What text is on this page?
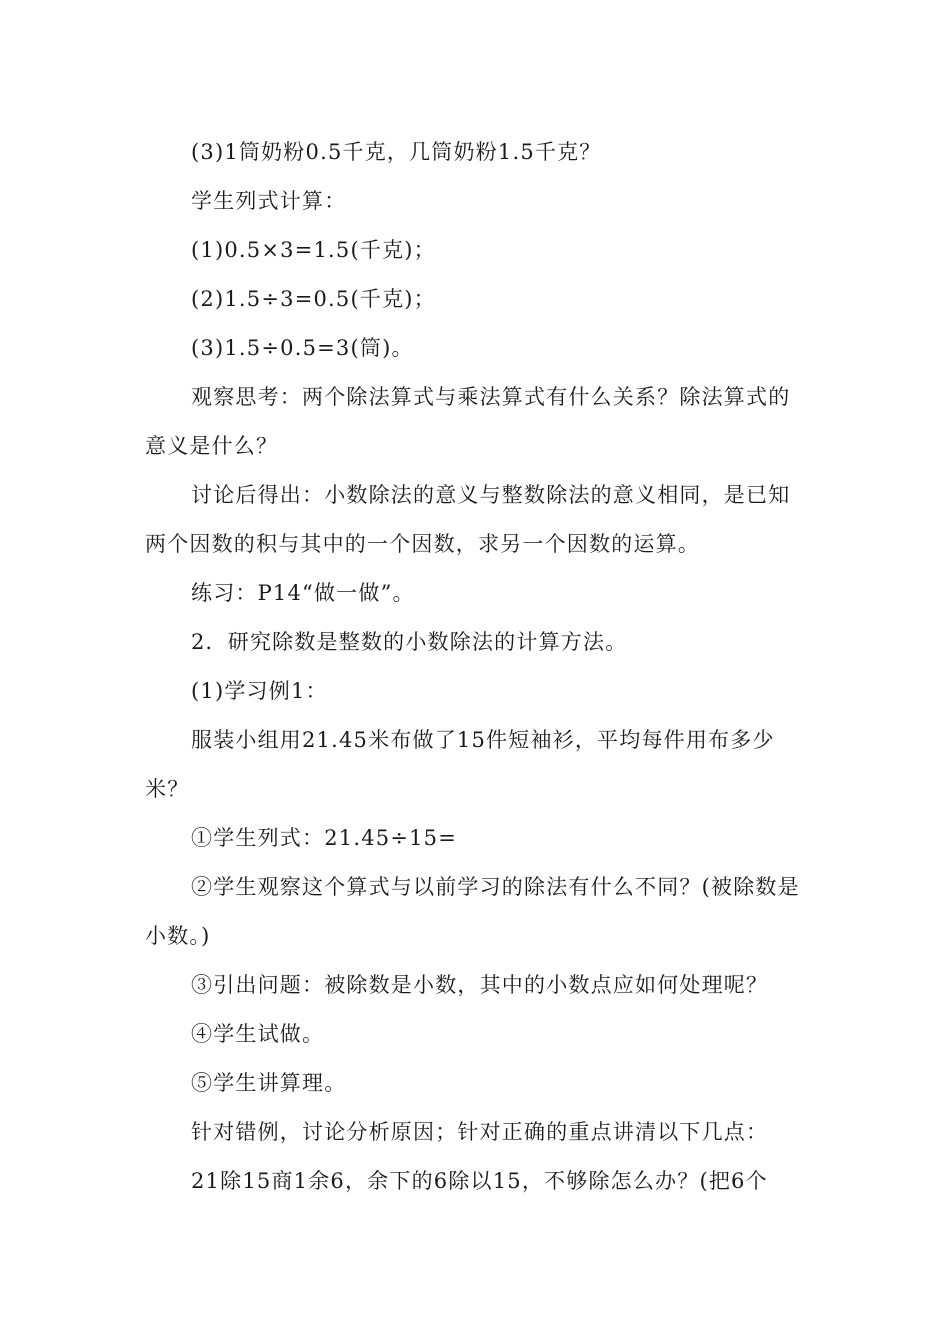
(3)1筒奶粉0.5千克，几筒奶粉1.5千克？

学生列式计算：

(1)0.5×3=1.5(千克)；

(2)1.5÷3=0.5(千克)；

(3)1.5÷0.5=3(筒)。

观察思考：两个除法算式与乘法算式有什么关系？除法算式的意义是什么？

讨论后得出：小数除法的意义与整数除法的意义相同，是已知两个因数的积与其中的一个因数，求另一个因数的运算。

练习：P14“做一做”。

2．研究除数是整数的小数除法的计算方法。

(1)学习例1：

服装小组用21.45米布做了15件短袖衫，平均每件用布多少米？

①学生列式：21.45÷15=

②学生观察这个算式与以前学习的除法有什么不同？(被除数是小数。)

③引出问题：被除数是小数，其中的小数点应如何处理呢？

④学生试做。

⑤学生讲算理。

针对错例，讨论分析原因；针对正确的重点讲清以下几点：

21除15商1余6，余下的6除以15，不够除怎么办？(把6个
